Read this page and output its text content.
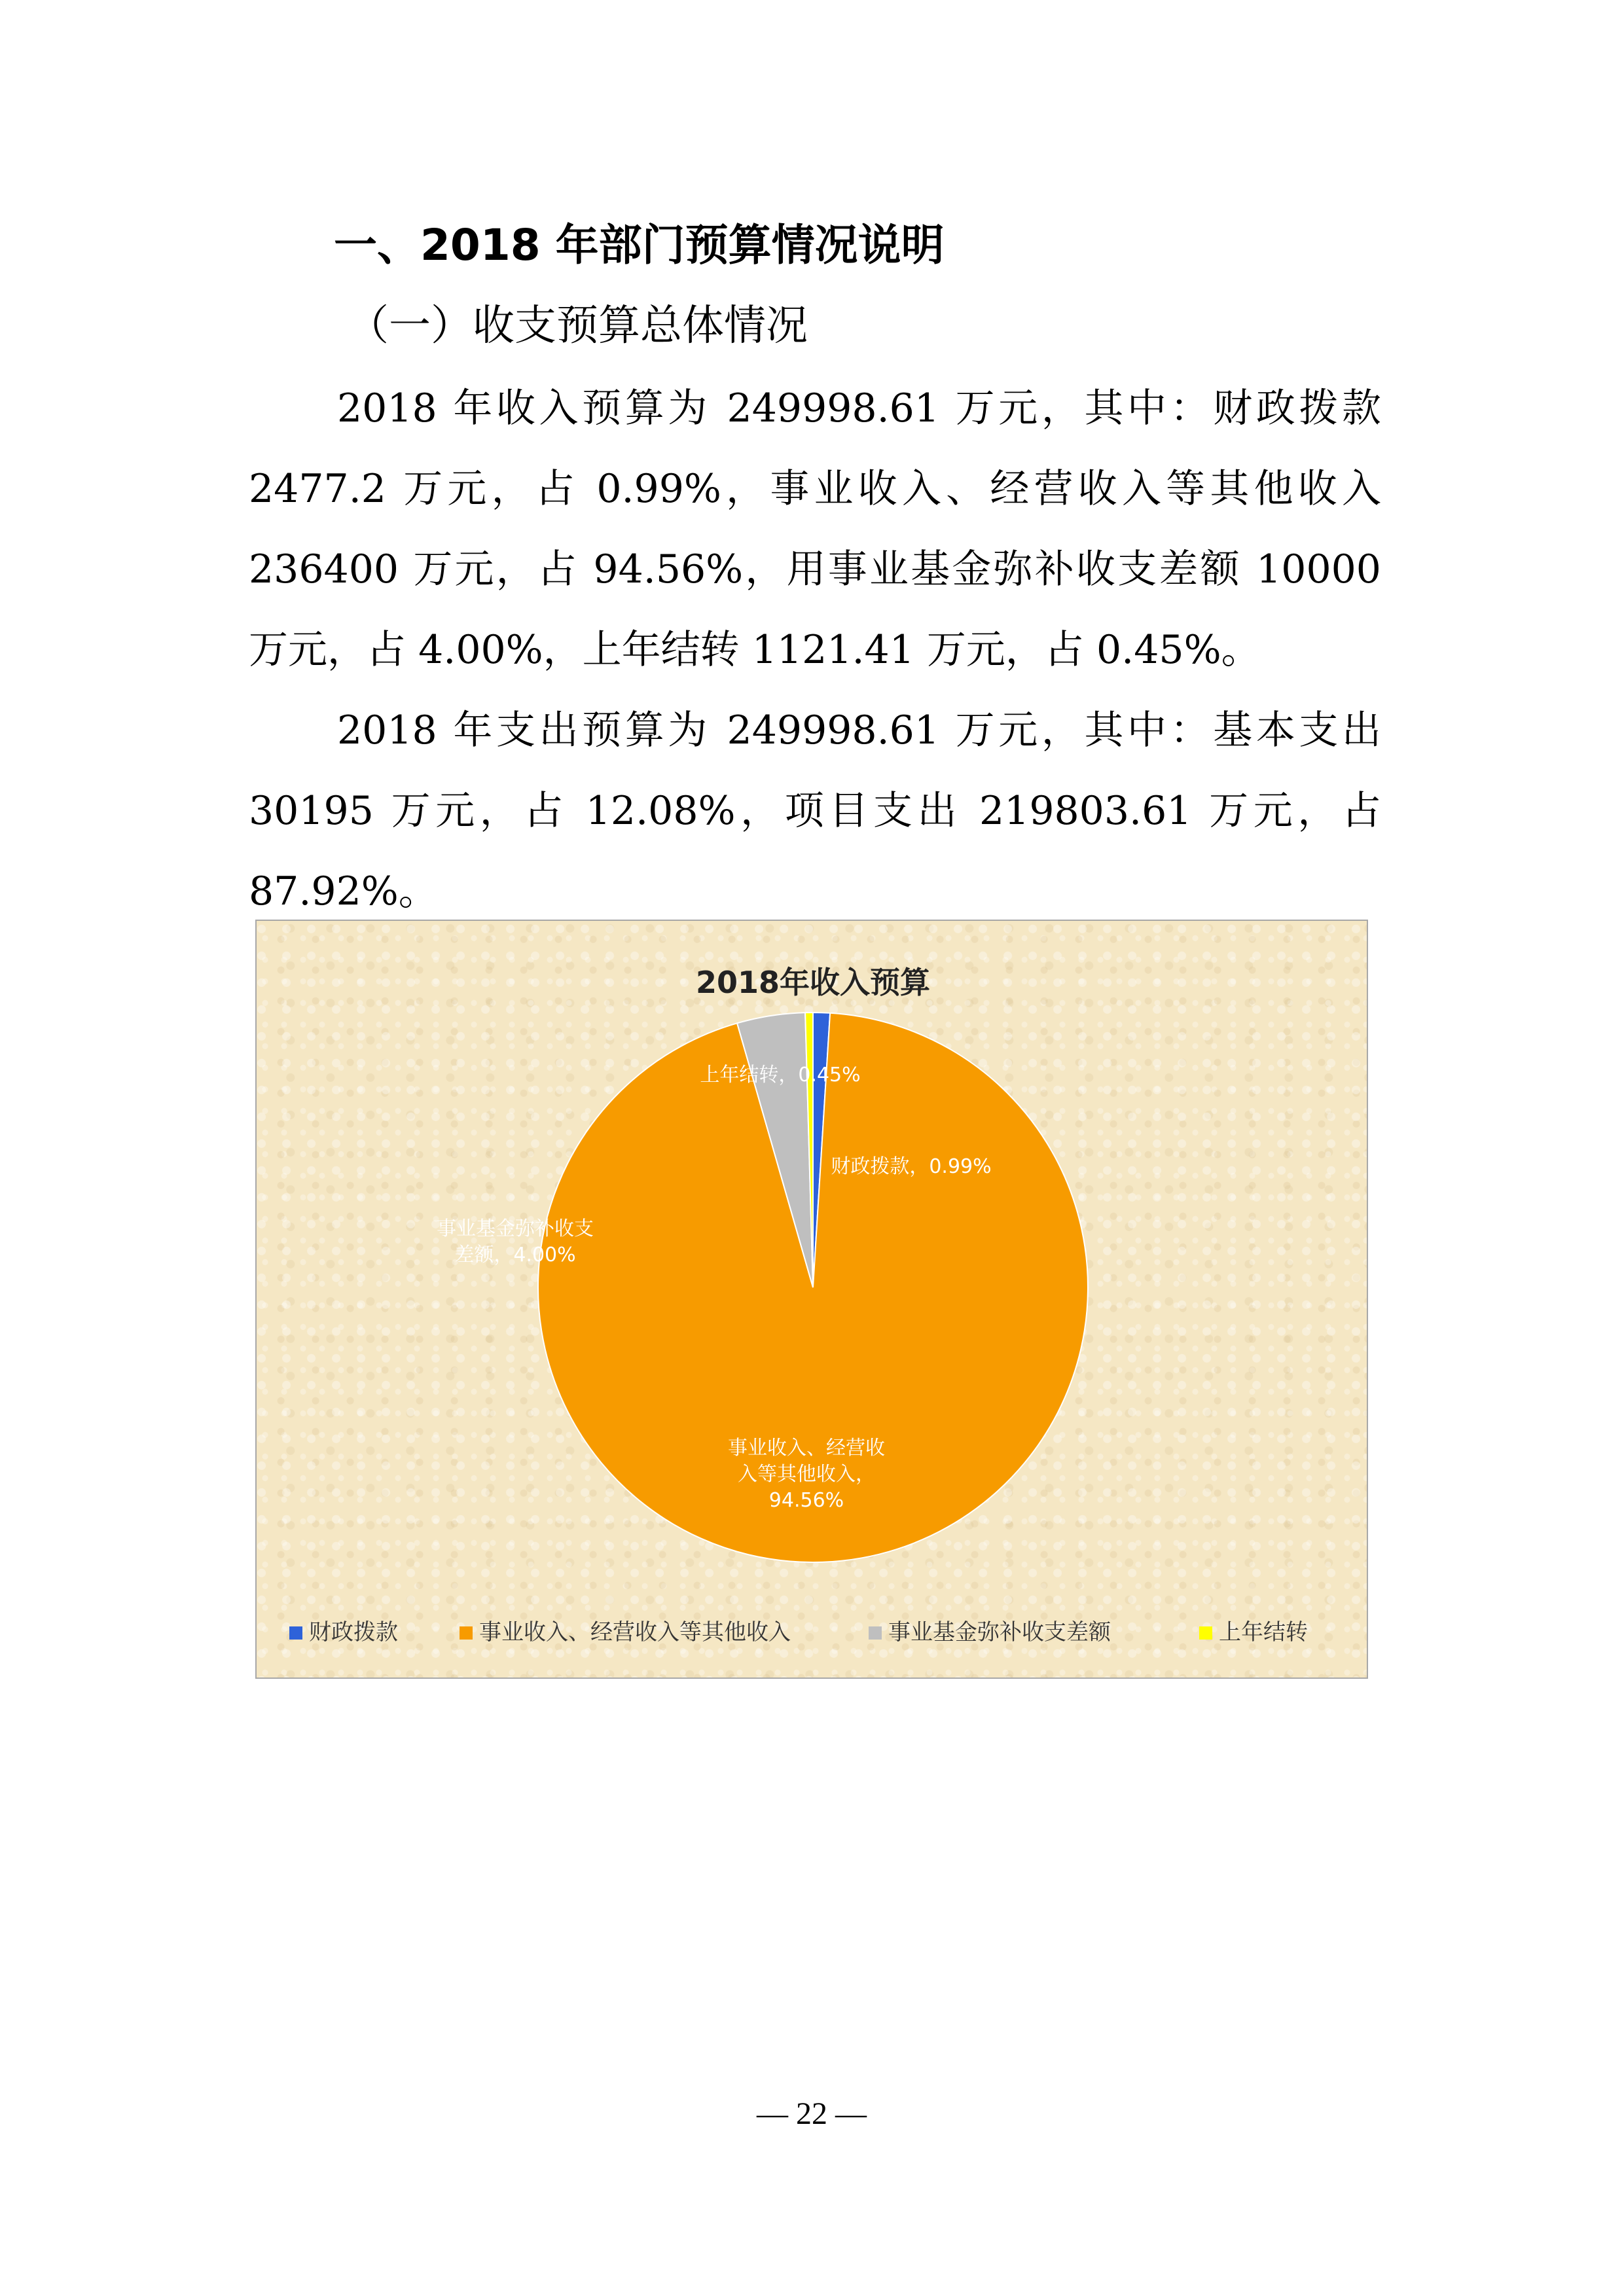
一、2018 年部门预算情况说明
（一）收支预算总体情况

2018 年收入预算为 249998.61 万元，其中：财政拨款 2477.2 万元，占 0.99%，事业收入、经营收入等其他收入 236400 万元，占 94.56%，用事业基金弥补收支差额 10000 万元，占 4.00%，上年结转 1121.41 万元，占 0.45%。

2018 年支出预算为 249998.61 万元，其中：基本支出 30195 万元，占 12.08%，项目支出 219803.61 万元，占 87.92%。

2018年收入预算
财政拨款，0.99%
事业收入、经营收入等其他收入， 94.56%
事业基金弥补收支差额，4.00%
上年结转，0.45%
财政拨款	事业收入、经营收入等其他收入	事业基金弥补收支差额	上年结转
— 22 —
